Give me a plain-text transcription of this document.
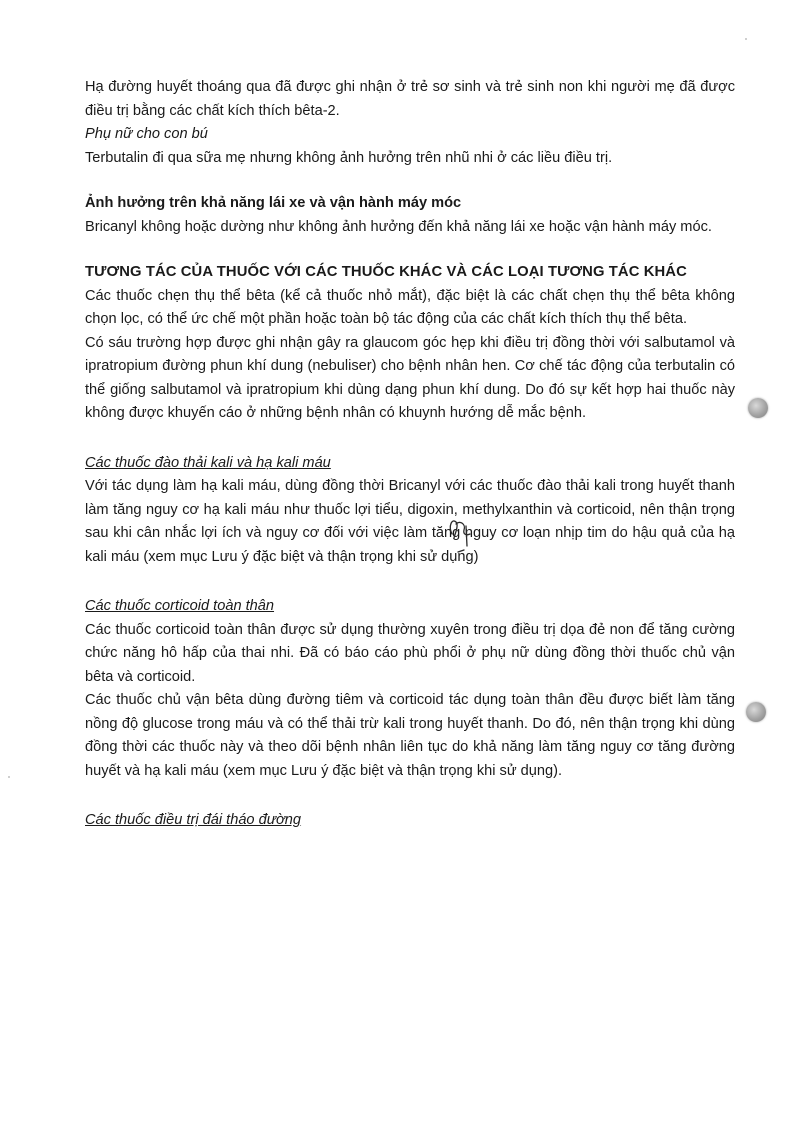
Hạ đường huyết thoáng qua đã được ghi nhận ở trẻ sơ sinh và trẻ sinh non khi người mẹ đã được điều trị bằng các chất kích thích bêta-2.

Phụ nữ cho con bú

Terbutalin đi qua sữa mẹ nhưng không ảnh hưởng trên nhũ nhi ở các liều điều trị.

Ảnh hưởng trên khả năng lái xe và vận hành máy móc

Bricanyl không hoặc dường như không ảnh hưởng đến khả năng lái xe hoặc vận hành máy móc.

TƯƠNG TÁC CỦA THUỐC VỚI CÁC THUỐC KHÁC VÀ CÁC LOẠI TƯƠNG TÁC KHÁC

Các thuốc chẹn thụ thể bêta (kể cả thuốc nhỏ mắt), đặc biệt là các chất chẹn thụ thể bêta không chọn lọc, có thể ức chế một phần hoặc toàn bộ tác động của các chất kích thích thụ thể bêta.

Có sáu trường hợp được ghi nhận gây ra glaucom góc hẹp khi điều trị đồng thời với salbutamol và ipratropium đường phun khí dung (nebuliser) cho bệnh nhân hen. Cơ chế tác động của terbutalin có thể giống salbutamol và ipratropium khi dùng dạng phun khí dung. Do đó sự kết hợp hai thuốc này không được khuyến cáo ở những bệnh nhân có khuynh hướng dễ mắc bệnh.

Các thuốc đào thải kali và hạ kali máu

Với tác dụng làm hạ kali máu, dùng đồng thời Bricanyl với các thuốc đào thải kali trong huyết thanh làm tăng nguy cơ hạ kali máu như thuốc lợi tiểu, digoxin, methylxanthin và corticoid, nên thận trọng sau khi cân nhắc lợi ích và nguy cơ đối với việc làm tăng nguy cơ loạn nhịp tim do hậu quả của hạ kali máu (xem mục Lưu ý đặc biệt và thận trọng khi sử dụng)

Các thuốc corticoid toàn thân

Các thuốc corticoid toàn thân được sử dụng thường xuyên trong điều trị dọa đẻ non để tăng cường chức năng hô hấp của thai nhi. Đã có báo cáo phù phổi ở phụ nữ dùng đồng thời thuốc chủ vận bêta và corticoid.

Các thuốc chủ vận bêta dùng đường tiêm và corticoid tác dụng toàn thân đều được biết làm tăng nồng độ glucose trong máu và có thể thải trừ kali trong huyết thanh. Do đó, nên thận trọng khi dùng đồng thời các thuốc này và theo dõi bệnh nhân liên tục do khả năng làm tăng nguy cơ tăng đường huyết và hạ kali máu (xem mục Lưu ý đặc biệt và thận trọng khi sử dụng).

Các thuốc điều trị đái tháo đường
